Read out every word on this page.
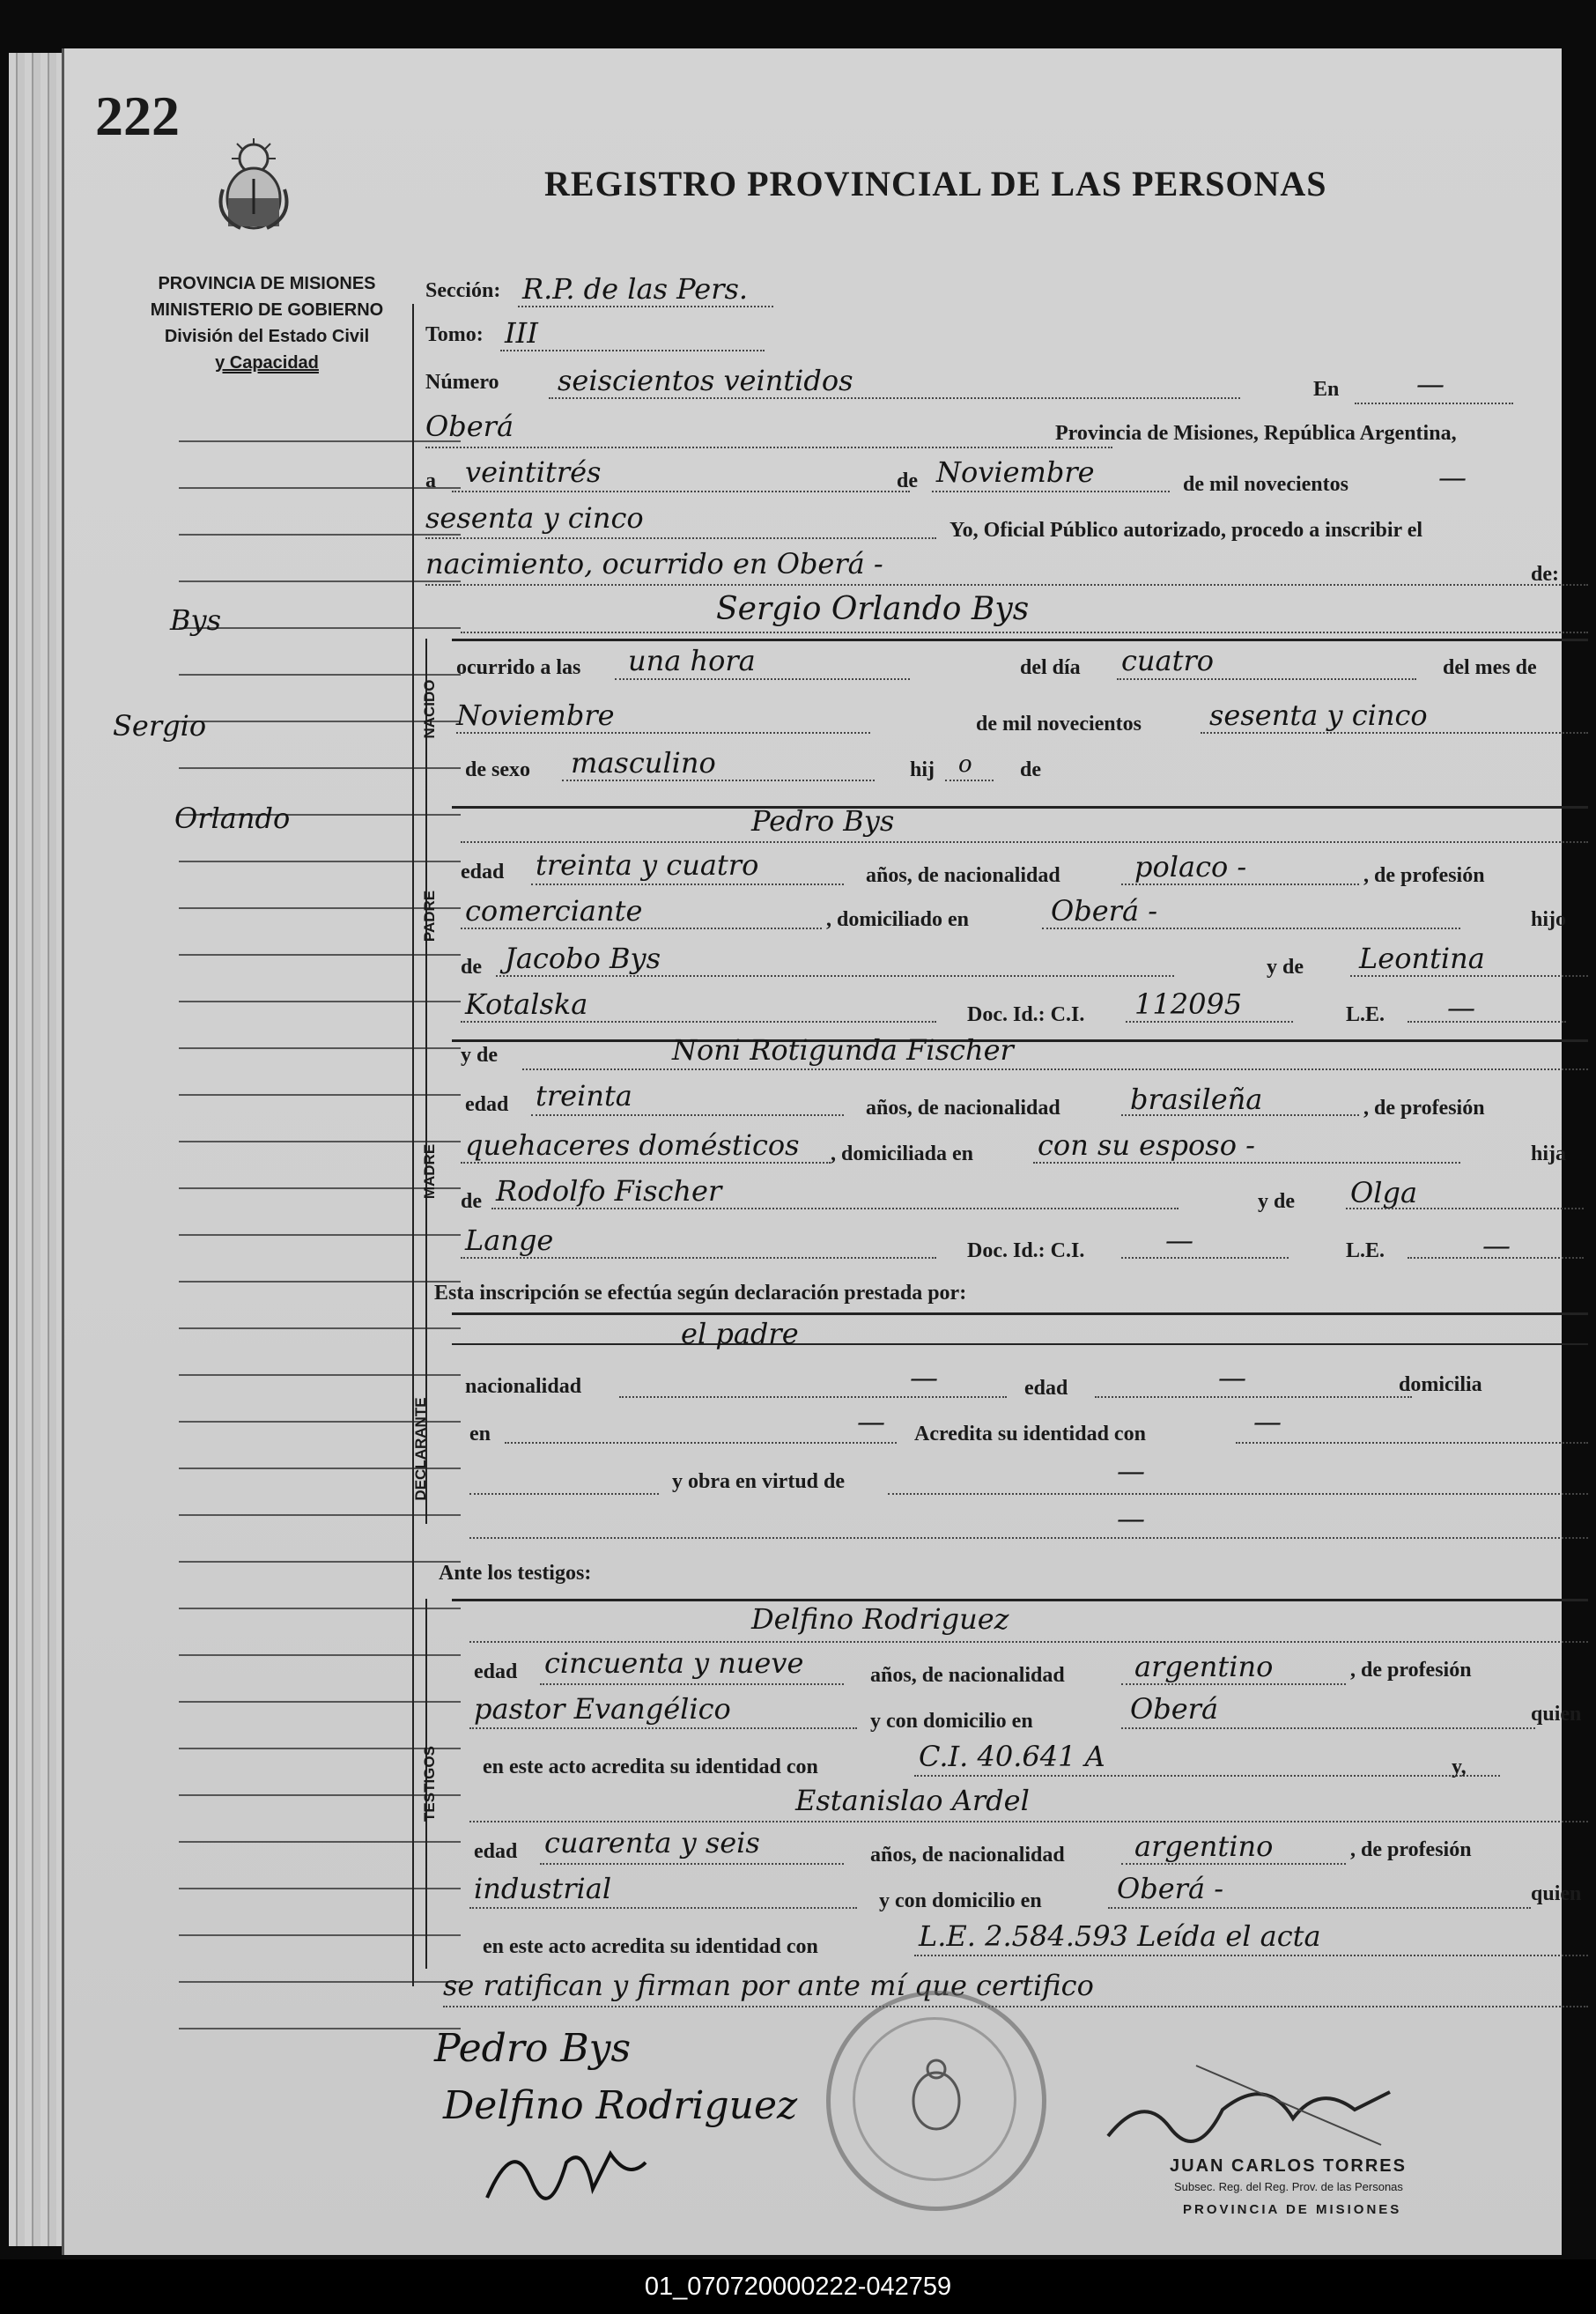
222
REGISTRO PROVINCIAL DE LAS PERSONAS
PROVINCIA DE MISIONES
MINISTERIO DE GOBIERNO
División del Estado Civil
y Capacidad
Bys
Sergio
Orlando
Sección: R.P. de las Pers.
Tomo: III
Número seiscientos veintidos	En	—
Oberá	Provincia de Misiones, República Argentina,
a veintitrés	de Noviembre	de mil novecientos	—
sesenta y cinco	Yo, Oficial Público autorizado, procedo a inscribir el
nacimiento, ocurrido en Oberá -	de:
NACIDO
Sergio Orlando Bys
ocurrido a las una hora	del día cuatro	del mes de
Noviembre	de mil novecientos sesenta y cinco
de sexo masculino	hij o de
PADRE
Pedro Bys
edad treinta y cuatro	años, de nacionalidad	polaco -	, de profesión
comerciante	, domiciliado en	Oberá -	hijo
de Jacobo Bys	y de Leontina
Kotalska	Doc. Id.: C.I. 112095	L.E. —
MADRE
y de	Noni Rotigunda Fischer
edad treinta	años, de nacionalidad brasileña	, de profesión
quehaceres domésticos , domiciliada en con su esposo -	hija
de Rodolfo Fischer	y de Olga
Lange	Doc. Id.: C.I.	—	L.E.	—
Esta inscripción se efectúa según declaración prestada por:
DECLARANTE
el padre
nacionalidad	—	edad	—	domicilia
en	— Acredita su identidad con	—
y obra en virtud de	—
—
Ante los testigos:
TESTIGOS
Delfino Rodriguez
edad cincuenta y nueve	años, de nacionalidad argentino	, de profesión
pastor Evangélico	y con domicilio en	Oberá	quien
en este acto acredita su identidad con	C.I. 40.641 A	y,
Estanislao Ardel
edad cuarenta y seis	años, de nacionalidad argentino	, de profesión
industrial	y con domicilio en	Oberá -	quien
en este acto acredita su identidad con	L.E. 2.584.593 Leída el acta
se ratifican y firman por ante mí que certifico
Pedro Bys
Delfino Rodriguez
JUAN CARLOS TORRES
Subsec. Reg. del Reg. Prov. de las Personas
PROVINCIA DE MISIONES
01_070720000222-042759
